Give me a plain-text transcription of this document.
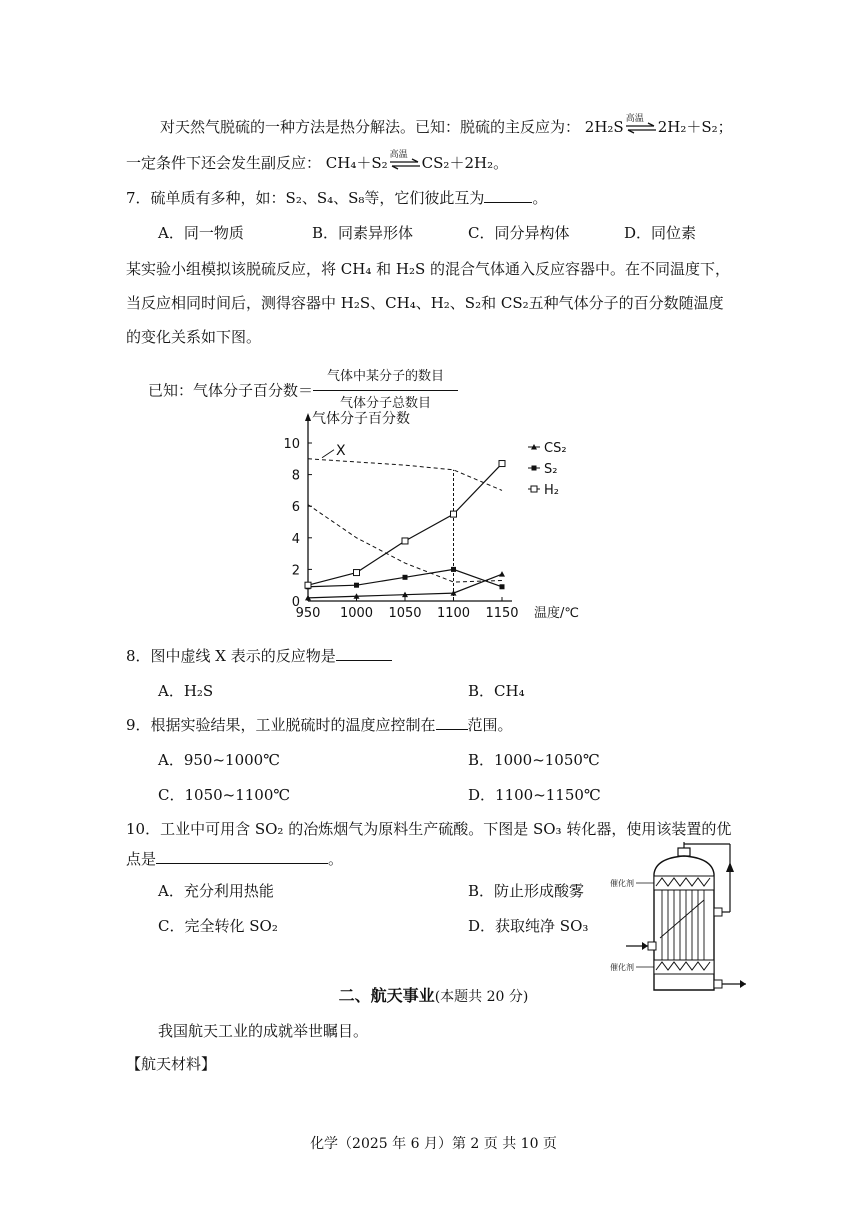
对天然气脱硫的一种方法是热分解法。已知：脱硫的主反应为： 2H₂S 高温 2H₂＋S₂；
一定条件下还会发生副反应： CH₄＋S₂ 高温 CS₂＋2H₂。
7．硫单质有多种，如：S₂、S₄、S₈等，它们彼此互为	。
A．同一物质	B．同素异形体	C．同分异构体	D．同位素
某实验小组模拟该脱硫反应，将 CH₄ 和 H₂S 的混合气体通入反应容器中。在不同温度下，
当反应相同时间后，测得容器中 H₂S、CH₄、H₂、S₂和 CS₂五种气体分子的百分数随温度
的变化关系如下图。
已知：气体分子百分数＝ $\frac{\text{气体中某分子的数目}}{\text{气体分子总数目}}$
0
2
4
6
8
10
950 1000 1050 1100 1150
气体分子百分数
温度/℃
X	CS₂
S₂
H₂
8．图中虚线 X 表示的反应物是
A．H₂S	B．CH₄
9．根据实验结果，工业脱硫时的温度应控制在 范围。
A．950~1000℃	B．1000~1050℃
C．1050~1100℃	D．1100~1150℃
10．工业中可用含 SO₂ 的冶炼烟气为原料生产硫酸。下图是 SO₃ 转化器，使用该装置的优
点是	。
A．充分利用热能	B．防止形成酸雾
C．完全转化 SO₂	D．获取纯净 SO₃
催化剂
催化剂
二、航天事业(本题共 20 分)
我国航天工业的成就举世瞩目。
【航天材料】
化学（2025 年 6 月）第 2 页 共 10 页
